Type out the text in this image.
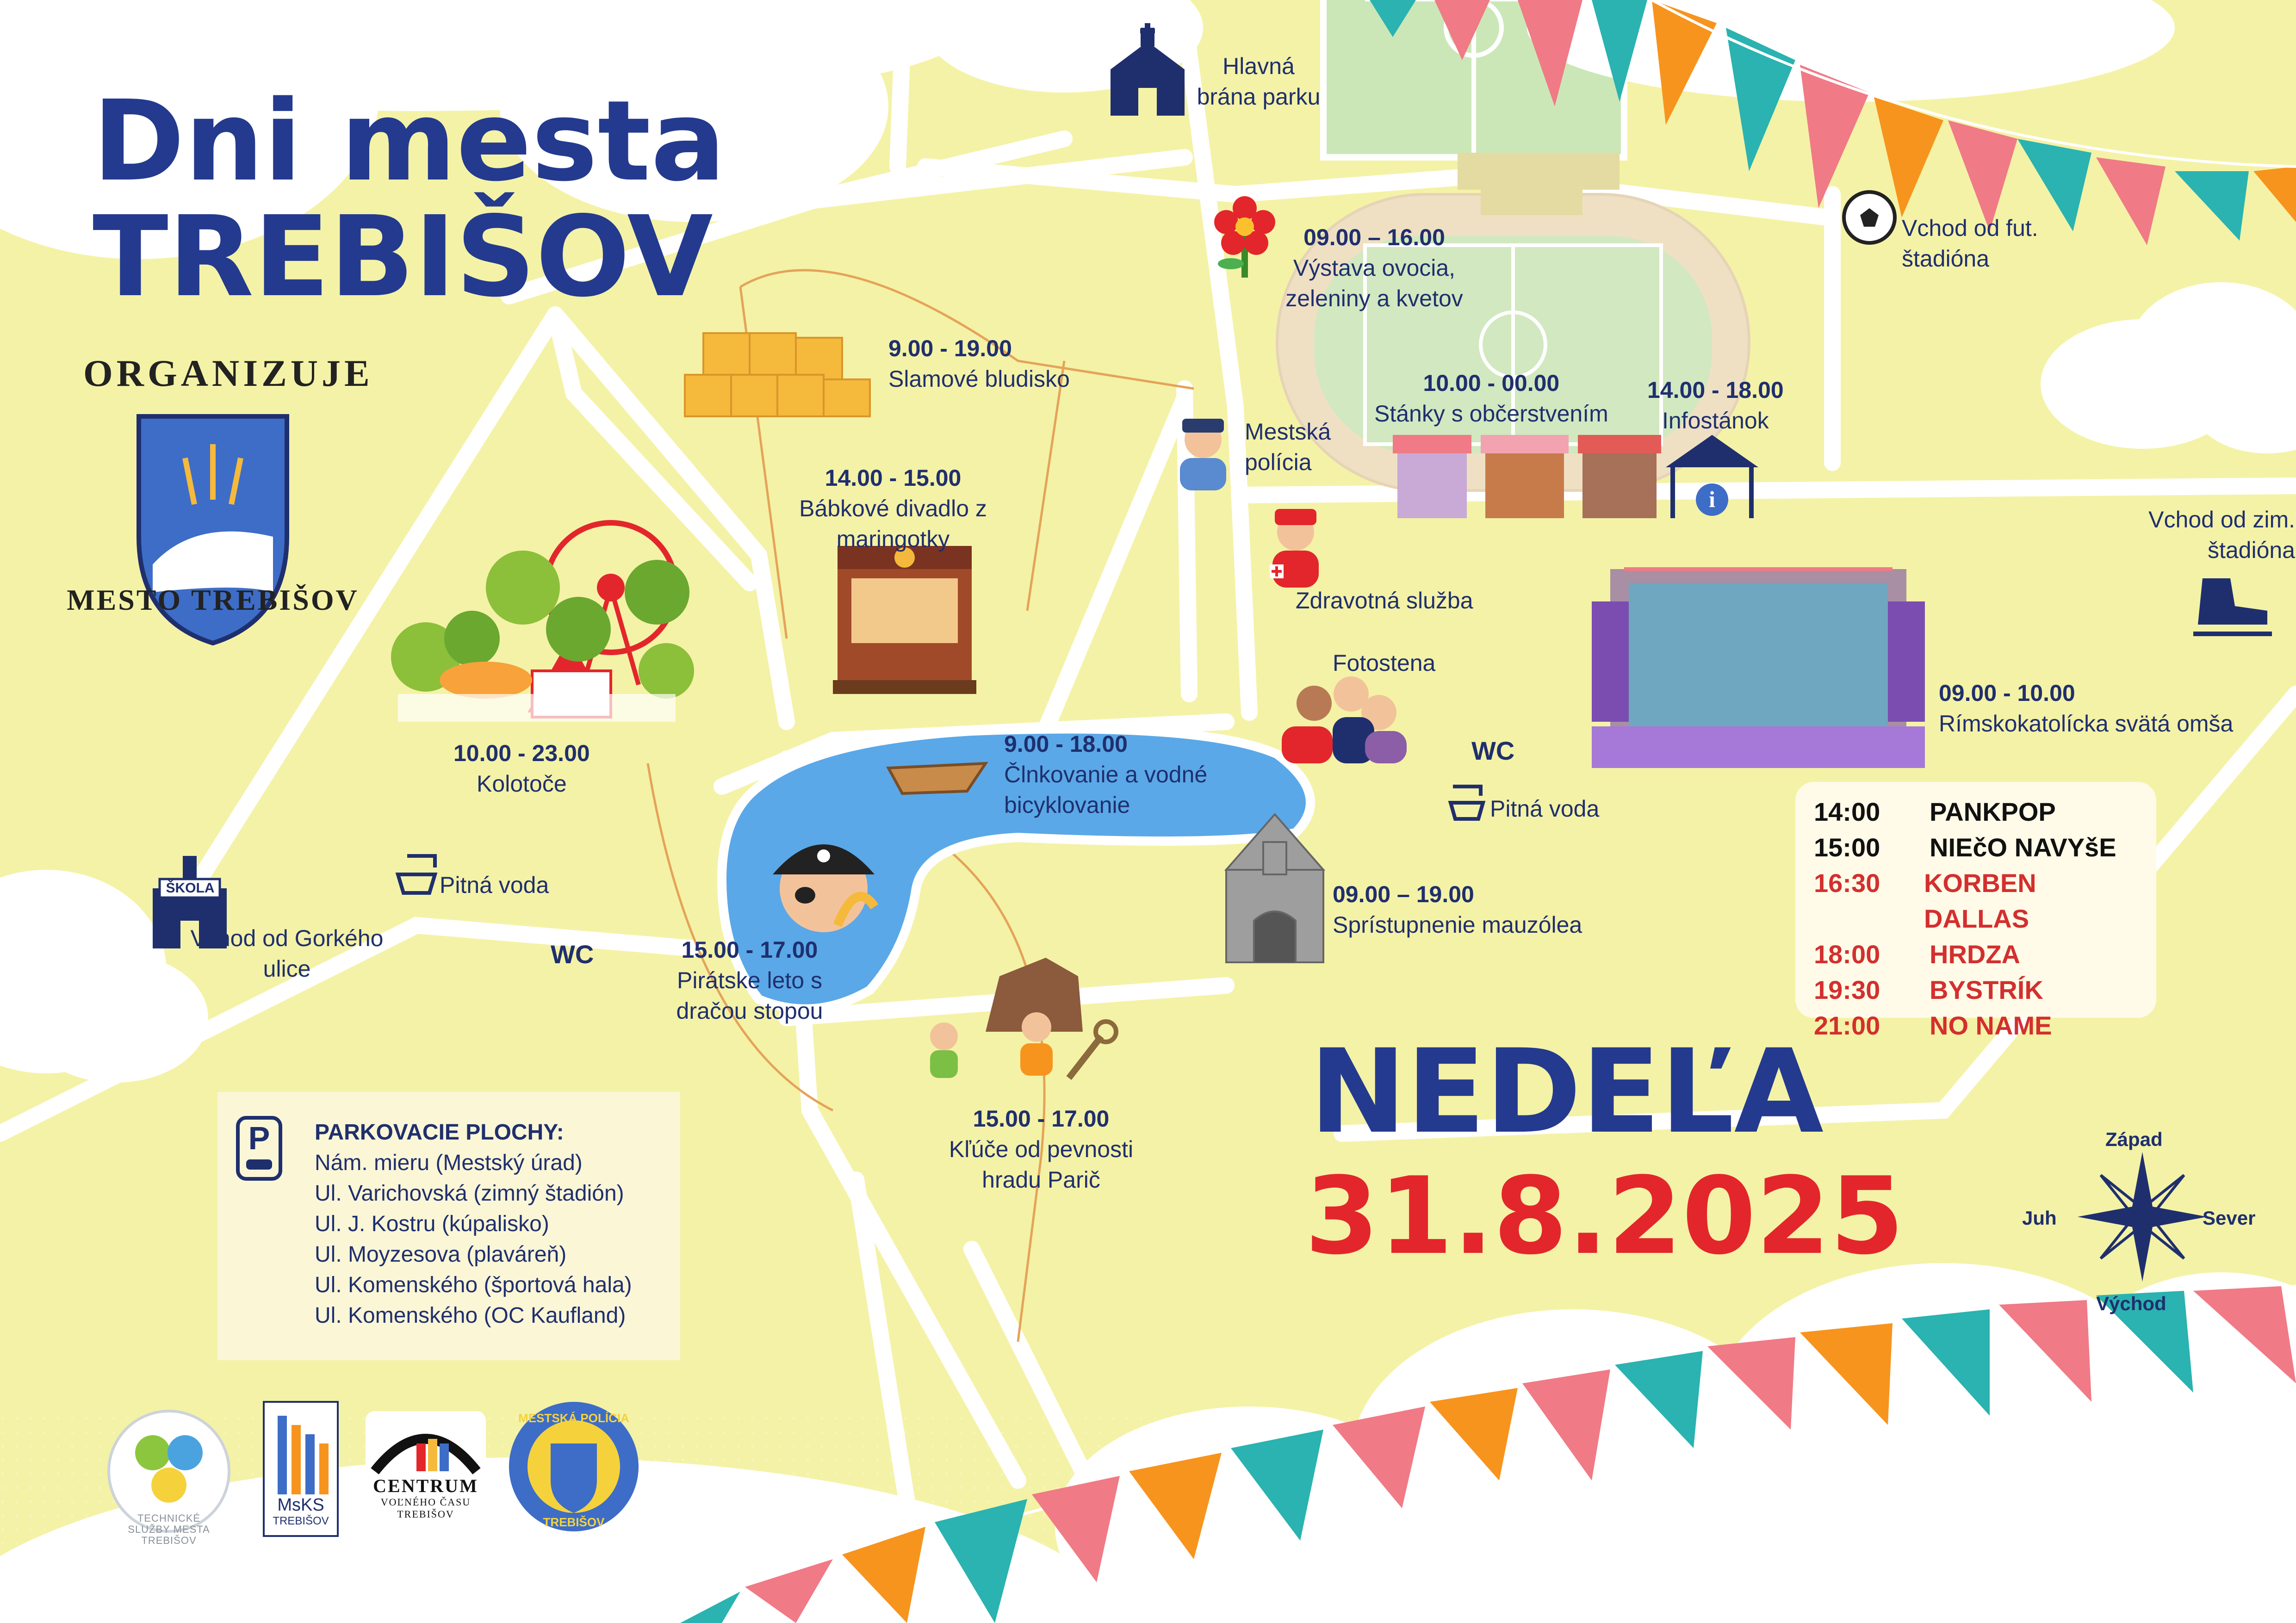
i
Dni mesta
TREBIŠOV
ORGANIZUJE
MESTO TREBIŠOV
NEDEĽA
31.8.2025
Hlavná brána parku
09.00 – 16.00
Výstava ovocia, zeleniny a kvetov
Vchod od fut. štadióna
9.00 - 19.00
Slamové bludisko	10.00 - 00.00
Stánky s občerstvením
14.00 - 18.00
Infostánok
Mestská polícia
14.00 - 15.00
Bábkové divadlo z maringotky
Vchod od zim. štadióna
Zdravotná služba
Fotostena
09.00 - 10.00
Rímskokatolícka svätá omša
10.00 - 23.00
Kolotoče
9.00 - 18.00
Člnkovanie a vodné bicyklovanie
WC
Pitná voda
Pitná voda
Vchod od Gorkého ulice
ŠKOLA
WC	15.00 - 17.00
Pirátske leto s dračou stopou
09.00 – 19.00
Sprístupnenie mauzólea
15.00 - 17.00
Kľúče od pevnosti hradu Parič
14:00	PANKPOP
15:00	NIEčO NAVYšE
16:30	KORBEN DALLAS
18:00	HRDZA
19:30	BYSTRÍK
21:00	NO NAME
P	PARKOVACIE PLOCHY:
Nám. mieru (Mestský úrad)
Ul. Varichovská (zimný štadión)
Ul. J. Kostru (kúpalisko)
Ul. Moyzesova (plaváreň)
Ul. Komenského (športová hala)
Ul. Komenského (OC Kaufland)
Západ
Východ
Juh	Sever
TECHNICKÉ SLUŽBY MESTA TREBIŠOV
MsKS
TREBIŠOV
CENTRUM
VOĽNÉHO ČASU
TREBIŠOV
MESTSKÁ POLÍCIA
TREBIŠOV
